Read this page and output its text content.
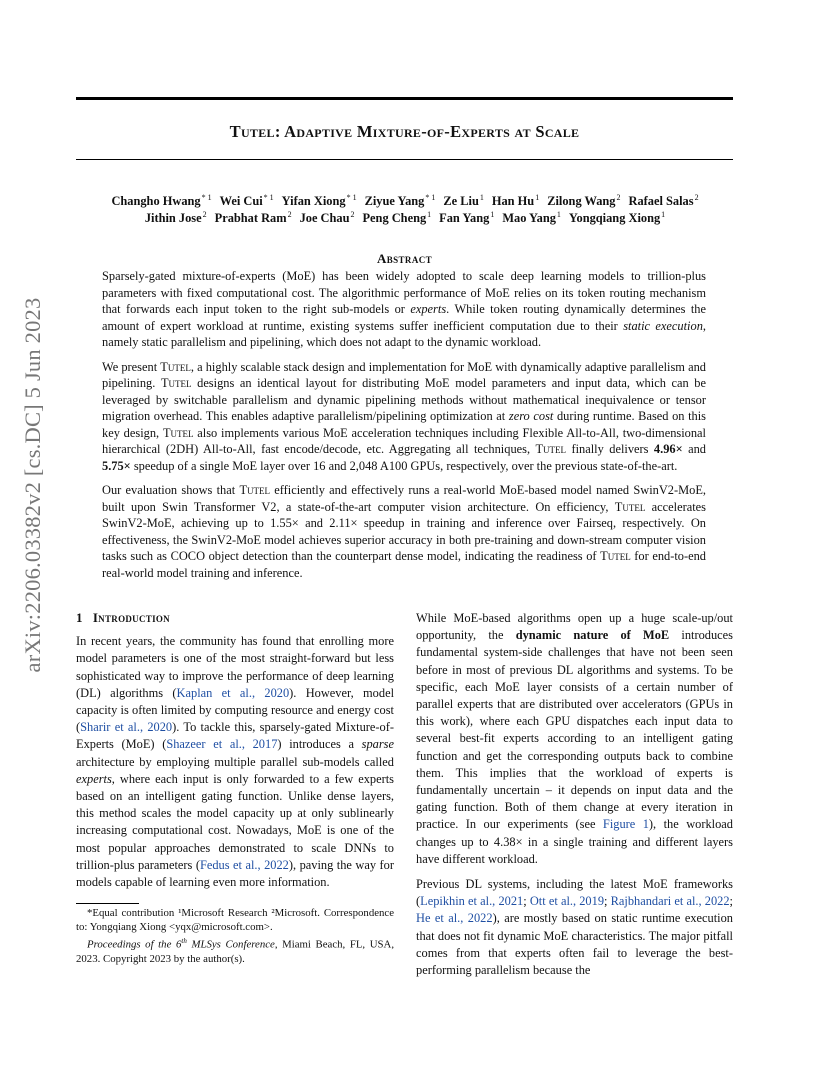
arXiv:2206.03382v2 [cs.DC] 5 Jun 2023
Tutel: Adaptive Mixture-of-Experts at Scale
Changho Hwang$^{* 1}$ Wei Cui$^{* 1}$ Yifan Xiong$^{* 1}$ Ziyue Yang$^{* 1}$ Ze Liu$^1$ Han Hu$^1$ Zilong Wang$^2$ Rafael Salas$^2$
Jithin Jose$^2$ Prabhat Ram$^2$ Joe Chau$^2$ Peng Cheng$^1$ Fan Yang$^1$ Mao Yang$^1$ Yongqiang Xiong$^1$
Abstract

Sparsely-gated mixture-of-experts (MoE) has been widely adopted to scale deep learning models to trillion-plus parameters with fixed computational cost. The algorithmic performance of MoE relies on its token routing mechanism that forwards each input token to the right sub-models or experts. While token routing dynamically determines the amount of expert workload at runtime, existing systems suffer inefficient computation due to their static execution, namely static parallelism and pipelining, which does not adapt to the dynamic workload.

We present Tutel, a highly scalable stack design and implementation for MoE with dynamically adaptive parallelism and pipelining. Tutel designs an identical layout for distributing MoE model parameters and input data, which can be leveraged by switchable parallelism and dynamic pipelining methods without mathematical inequivalence or tensor migration overhead. This enables adaptive parallelism/pipelining optimization at zero cost during runtime. Based on this key design, Tutel also implements various MoE acceleration techniques including Flexible All-to-All, two-dimensional hierarchical (2DH) All-to-All, fast encode/decode, etc. Aggregating all techniques, Tutel finally delivers 4.96× and 5.75× speedup of a single MoE layer over 16 and 2,048 A100 GPUs, respectively, over the previous state-of-the-art.

Our evaluation shows that Tutel efficiently and effectively runs a real-world MoE-based model named SwinV2-MoE, built upon Swin Transformer V2, a state-of-the-art computer vision architecture. On efficiency, Tutel accelerates SwinV2-MoE, achieving up to 1.55× and 2.11× speedup in training and inference over Fairseq, respectively. On effectiveness, the SwinV2-MoE model achieves superior accuracy in both pre-training and down-stream computer vision tasks such as COCO object detection than the counterpart dense model, indicating the readiness of Tutel for end-to-end real-world model training and inference.

1 Introduction

In recent years, the community has found that enrolling more model parameters is one of the most straight-forward but less sophisticated way to improve the performance of deep learning (DL) algorithms (Kaplan et al., 2020). However, model capacity is often limited by computing resource and energy cost (Sharir et al., 2020). To tackle this, sparsely-gated Mixture-of-Experts (MoE) (Shazeer et al., 2017) introduces a sparse architecture by employing multiple parallel sub-models called experts, where each input is only forwarded to a few experts based on an intelligent gating function. Unlike dense layers, this method scales the model capacity up at only sublinearly increasing computational cost. Nowadays, MoE is one of the most popular approaches demonstrated to scale DNNs to trillion-plus parameters (Fedus et al., 2022), paving the way for models capable of learning even more information.

*Equal contribution ¹Microsoft Research ²Microsoft. Correspondence to: Yongqiang Xiong <yqx@microsoft.com>.
Proceedings of the 6th MLSys Conference, Miami Beach, FL, USA, 2023. Copyright 2023 by the author(s).

While MoE-based algorithms open up a huge scale-up/out opportunity, the dynamic nature of MoE introduces fundamental system-side challenges that have not been seen before in most of previous DL algorithms and systems. To be specific, each MoE layer consists of a certain number of parallel experts that are distributed over accelerators (GPUs in this work), where each GPU dispatches each input data to several best-fit experts according to an intelligent gating function and get the corresponding outputs back to combine them. This implies that the workload of experts is fundamentally uncertain – it depends on input data and the gating function. Both of them change at every iteration in practice. In our experiments (see Figure 1), the workload changes up to 4.38× in a single training and different layers have different workload.

Previous DL systems, including the latest MoE frameworks (Lepikhin et al., 2021; Ott et al., 2019; Rajbhandari et al., 2022; He et al., 2022), are mostly based on static runtime execution that does not fit dynamic MoE characteristics. The major pitfall comes from that experts often fail to leverage the best-performing parallelism because the
